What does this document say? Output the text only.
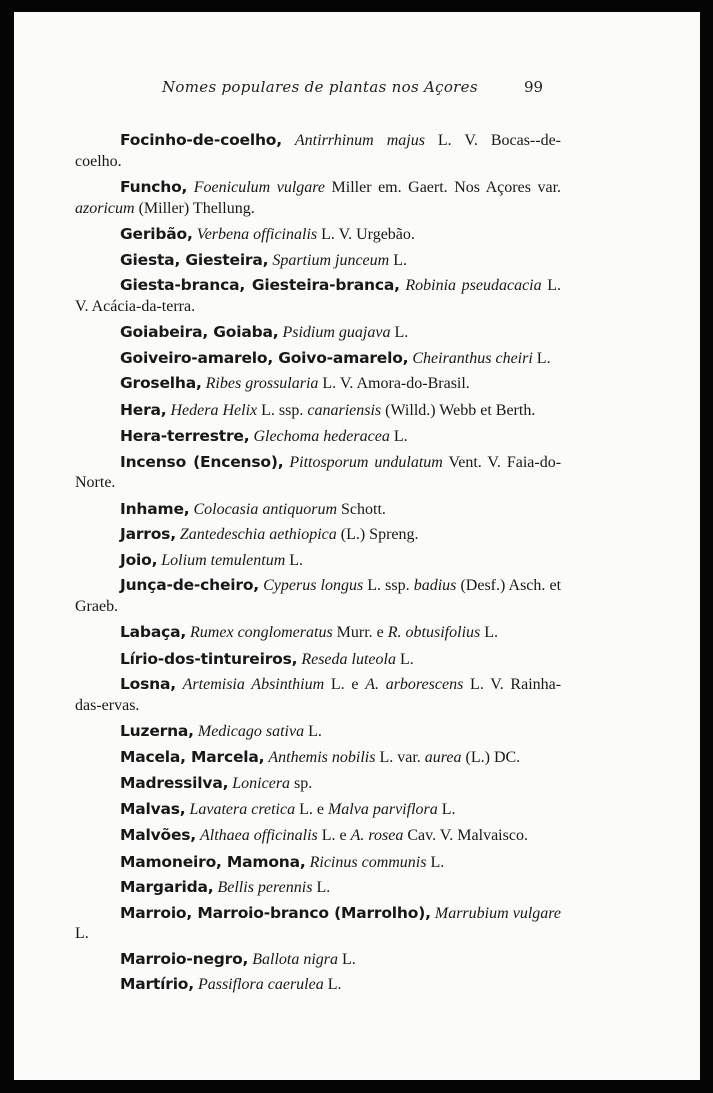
Nomes populares de plantas nos Açores	99

Focinho-de-coelho, Antirrhinum majus L. V. Bocas--de-coelho.

Funcho, Foeniculum vulgare Miller em. Gaert. Nos Açores var. azoricum (Miller) Thellung.

Geribão, Verbena officinalis L. V. Urgebão.

Giesta, Giesteira, Spartium junceum L.

Giesta-branca, Giesteira-branca, Robinia pseudacacia L. V. Acácia-da-terra.

Goiabeira, Goiaba, Psidium guajava L.

Goiveiro-amarelo, Goivo-amarelo, Cheiranthus cheiri L.

Groselha, Ribes grossularia L. V. Amora-do-Brasil.

Hera, Hedera Helix L. ssp. canariensis (Willd.) Webb et Berth.

Hera-terrestre, Glechoma hederacea L.

Incenso (Encenso), Pittosporum undulatum Vent. V. Faia-do-Norte.

Inhame, Colocasia antiquorum Schott.

Jarros, Zantedeschia aethiopica (L.) Spreng.

Joio, Lolium temulentum L.

Junça-de-cheiro, Cyperus longus L. ssp. badius (Desf.) Asch. et Graeb.

Labaça, Rumex conglomeratus Murr. e R. obtusifolius L.

Lírio-dos-tintureiros, Reseda luteola L.

Losna, Artemisia Absinthium L. e A. arborescens L. V. Rainha-das-ervas.

Luzerna, Medicago sativa L.

Macela, Marcela, Anthemis nobilis L. var. aurea (L.) DC.

Madressilva, Lonicera sp.

Malvas, Lavatera cretica L. e Malva parviflora L.

Malvões, Althaea officinalis L. e A. rosea Cav. V. Malvaisco.

Mamoneiro, Mamona, Ricinus communis L.

Margarida, Bellis perennis L.

Marroio, Marroio-branco (Marrolho), Marrubium vulgare L.

Marroio-negro, Ballota nigra L.

Martírio, Passiflora caerulea L.
